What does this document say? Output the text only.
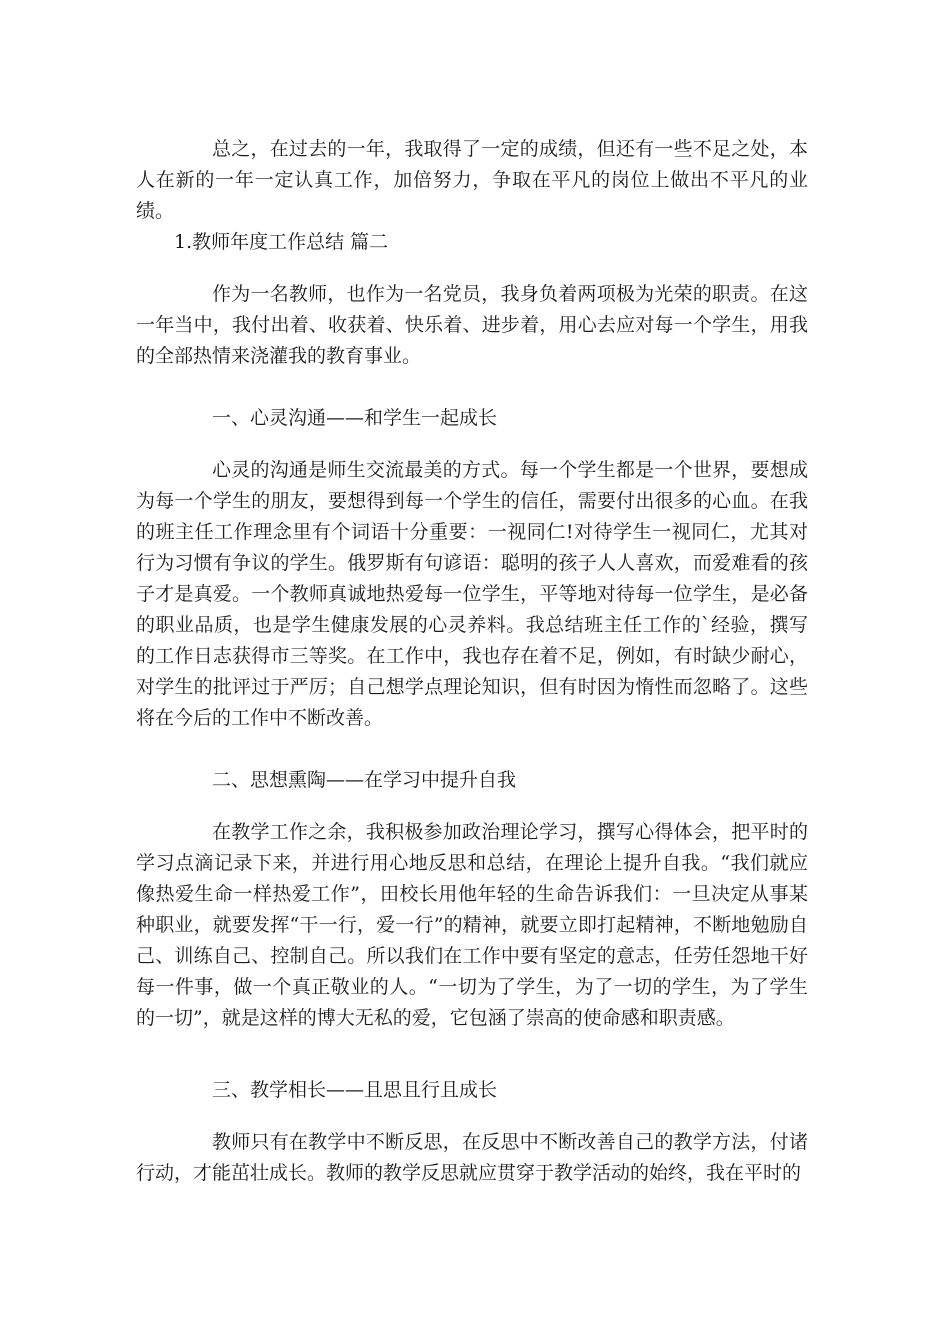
总之，在过去的一年，我取得了一定的成绩，但还有一些不足之处，本人在新的一年一定认真工作，加倍努力，争取在平凡的岗位上做出不平凡的业绩。

1.教师年度工作总结 篇二

作为一名教师，也作为一名党员，我身负着两项极为光荣的职责。在这一年当中，我付出着、收获着、快乐着、进步着，用心去应对每一个学生，用我的全部热情来浇灌我的教育事业。

一、心灵沟通——和学生一起成长

心灵的沟通是师生交流最美的方式。每一个学生都是一个世界，要想成为每一个学生的朋友，要想得到每一个学生的信任，需要付出很多的心血。在我的班主任工作理念里有个词语十分重要：一视同仁!对待学生一视同仁，尤其对行为习惯有争议的学生。俄罗斯有句谚语：聪明的孩子人人喜欢，而爱难看的孩子才是真爱。一个教师真诚地热爱每一位学生，平等地对待每一位学生，是必备的职业品质，也是学生健康发展的心灵养料。我总结班主任工作的`经验，撰写的工作日志获得市三等奖。在工作中，我也存在着不足，例如，有时缺少耐心，对学生的批评过于严厉；自己想学点理论知识，但有时因为惰性而忽略了。这些将在今后的工作中不断改善。

二、思想熏陶——在学习中提升自我

在教学工作之余，我积极参加政治理论学习，撰写心得体会，把平时的学习点滴记录下来，并进行用心地反思和总结，在理论上提升自我。“我们就应像热爱生命一样热爱工作”，田校长用他年轻的生命告诉我们：一旦决定从事某种职业，就要发挥“干一行，爱一行”的精神，就要立即打起精神，不断地勉励自己、训练自己、控制自己。所以我们在工作中要有坚定的意志，任劳任怨地干好每一件事，做一个真正敬业的人。“一切为了学生，为了一切的学生，为了学生的一切”，就是这样的博大无私的爱，它包涵了崇高的使命感和职责感。

三、教学相长——且思且行且成长

教师只有在教学中不断反思，在反思中不断改善自己的教学方法，付诸行动，才能茁壮成长。教师的教学反思就应贯穿于教学活动的始终，我在平时的
